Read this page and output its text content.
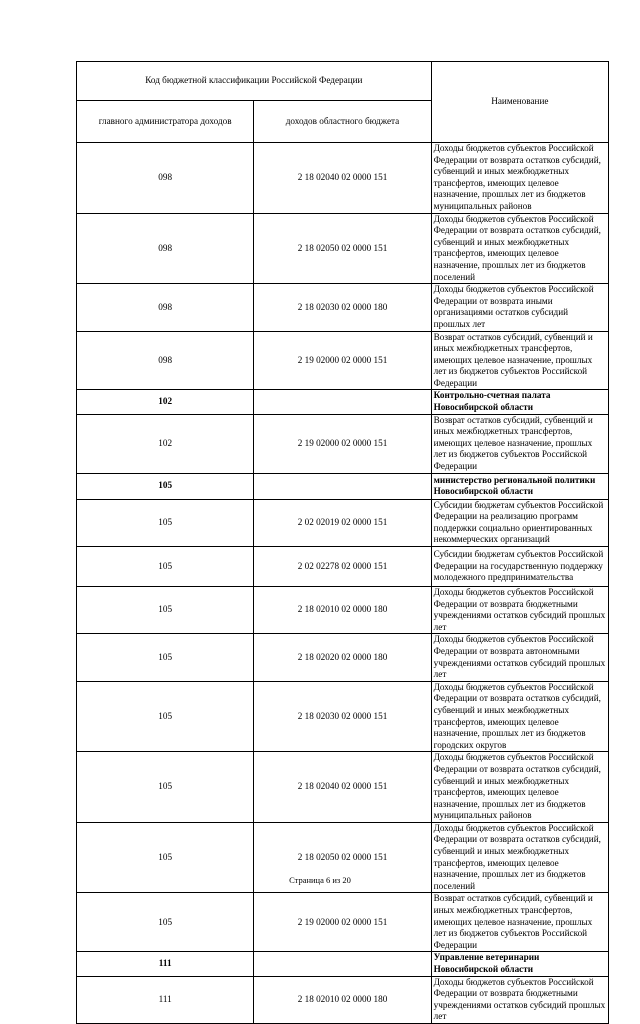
Код бюджетной классификации Российской Федерации		Наименование
главного администратора доходов	доходов областного бюджета	
098	2 18 02040 02 0000 151	Доходы бюджетов субъектов Российской Федерации от возврата остатков субсидий, субвенций и иных межбюджетных трансфертов, имеющих целевое назначение, прошлых лет из бюджетов муниципальных районов
098	2 18 02050 02 0000 151	Доходы бюджетов субъектов Российской Федерации от возврата остатков субсидий, субвенций и иных межбюджетных трансфертов, имеющих целевое назначение, прошлых лет из бюджетов поселений
098	2 18 02030 02 0000 180	Доходы бюджетов субъектов Российской Федерации от возврата иными организациями остатков субсидий прошлых лет
098	2 19 02000 02 0000 151	Возврат остатков субсидий, субвенций и иных межбюджетных трансфертов, имеющих целевое назначение, прошлых лет из бюджетов субъектов Российской Федерации
102		Контрольно-счетная палата Новосибирской области
102	2 19 02000 02 0000 151	Возврат остатков субсидий, субвенций и иных межбюджетных трансфертов, имеющих целевое назначение, прошлых лет из бюджетов субъектов Российской Федерации
105		министерство региональной политики Новосибирской области
105	2 02 02019 02 0000 151	Субсидии бюджетам субъектов Российской Федерации на реализацию программ поддержки социально ориентированных некоммерческих организаций
105	2 02 02278 02 0000 151	Субсидии бюджетам субъектов Российской Федерации на государственную поддержку молодежного предпринимательства
105	2 18 02010 02 0000 180	Доходы бюджетов субъектов Российской Федерации от возврата бюджетными учреждениями остатков субсидий прошлых лет
105	2 18 02020 02 0000 180	Доходы бюджетов субъектов Российской Федерации от возврата автономными учреждениями остатков субсидий прошлых лет
105	2 18 02030 02 0000 151	Доходы бюджетов субъектов Российской Федерации от возврата остатков субсидий, субвенций и иных межбюджетных трансфертов, имеющих целевое назначение, прошлых лет из бюджетов городских округов
105	2 18 02040 02 0000 151	Доходы бюджетов субъектов Российской Федерации от возврата остатков субсидий, субвенций и иных межбюджетных трансфертов, имеющих целевое назначение, прошлых лет из бюджетов муниципальных районов
105	2 18 02050 02 0000 151	Доходы бюджетов субъектов Российской Федерации от возврата остатков субсидий, субвенций и иных межбюджетных трансфертов, имеющих целевое назначение, прошлых лет из бюджетов поселений
105	2 19 02000 02 0000 151	Возврат остатков субсидий, субвенций и иных межбюджетных трансфертов, имеющих целевое назначение, прошлых лет из бюджетов субъектов Российской Федерации
111		Управление ветеринарии Новосибирской области
111	2 18 02010 02 0000 180	Доходы бюджетов субъектов Российской Федерации от возврата бюджетными учреждениями остатков субсидий прошлых лет
Страница 6 из 20
